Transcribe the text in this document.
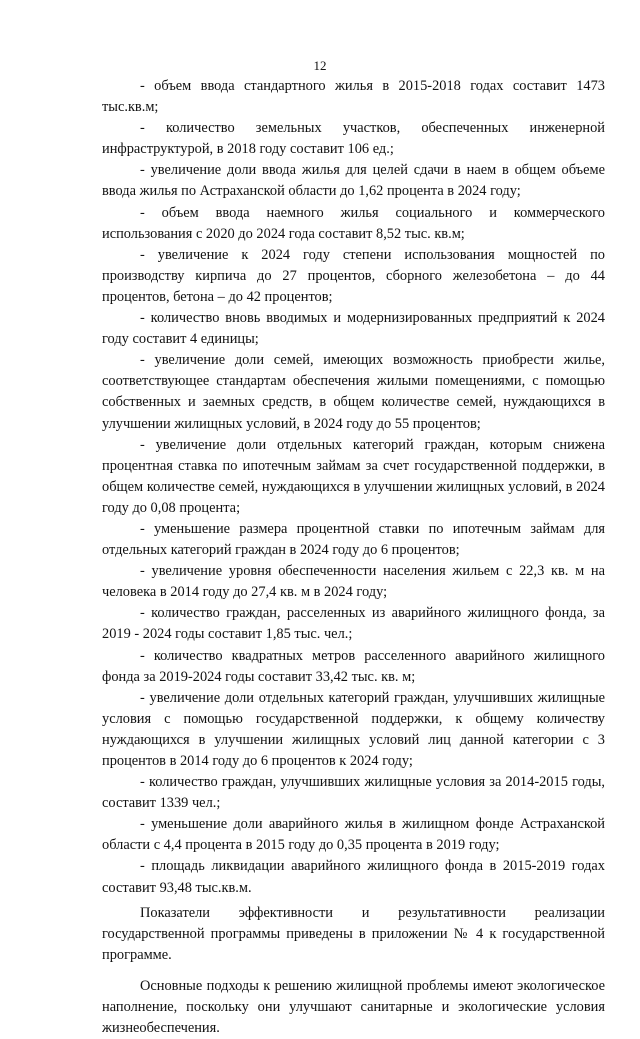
12

- объем ввода стандартного жилья в 2015-2018 годах составит 1473 тыс.кв.м;

- количество земельных участков, обеспеченных инженерной инфраструктурой, в 2018 году составит 106 ед.;

- увеличение доли ввода жилья для целей сдачи в наем в общем объеме ввода жилья по Астраханской области до 1,62 процента в 2024 году;

- объем ввода наемного жилья социального и коммерческого использования с 2020 до 2024 года составит 8,52 тыс. кв.м;

- увеличение к 2024 году степени использования мощностей по производству кирпича до 27 процентов, сборного железобетона – до 44 процентов, бетона – до 42 процентов;

- количество вновь вводимых и модернизированных предприятий к 2024 году составит 4 единицы;

- увеличение доли семей, имеющих возможность приобрести жилье, соответствующее стандартам обеспечения жилыми помещениями, с помощью собственных и заемных средств, в общем количестве семей, нуждающихся в улучшении жилищных условий, в 2024 году до 55 процентов;

- увеличение доли отдельных категорий граждан, которым снижена процентная ставка по ипотечным займам за счет государственной поддержки, в общем количестве семей, нуждающихся в улучшении жилищных условий, в 2024 году до 0,08 процента;

- уменьшение размера процентной ставки по ипотечным займам для отдельных категорий граждан в 2024 году до 6 процентов;

- увеличение уровня обеспеченности населения жильем с 22,3 кв. м на человека в 2014 году до 27,4 кв. м в 2024 году;

- количество граждан, расселенных из аварийного жилищного фонда, за 2019 - 2024 годы составит 1,85 тыс. чел.;

- количество квадратных метров расселенного аварийного жилищного фонда за 2019-2024 годы составит 33,42 тыс. кв. м;

- увеличение доли отдельных категорий граждан, улучшивших жилищные условия с помощью государственной поддержки, к общему количеству нуждающихся в улучшении жилищных условий лиц данной категории с 3 процентов в 2014 году до 6 процентов к 2024 году;

- количество граждан, улучшивших жилищные условия за 2014-2015 годы, составит 1339 чел.;

- уменьшение доли аварийного жилья в жилищном фонде Астраханской области с 4,4 процента в 2015 году до 0,35 процента в 2019 году;

- площадь ликвидации аварийного жилищного фонда в 2015-2019 годах составит 93,48 тыс.кв.м.

Показатели эффективности и результативности реализации государственной программы приведены в приложении № 4 к государственной программе.

Основные подходы к решению жилищной проблемы имеют экологическое наполнение, поскольку они улучшают санитарные и экологические условия жизнеобеспечения.
